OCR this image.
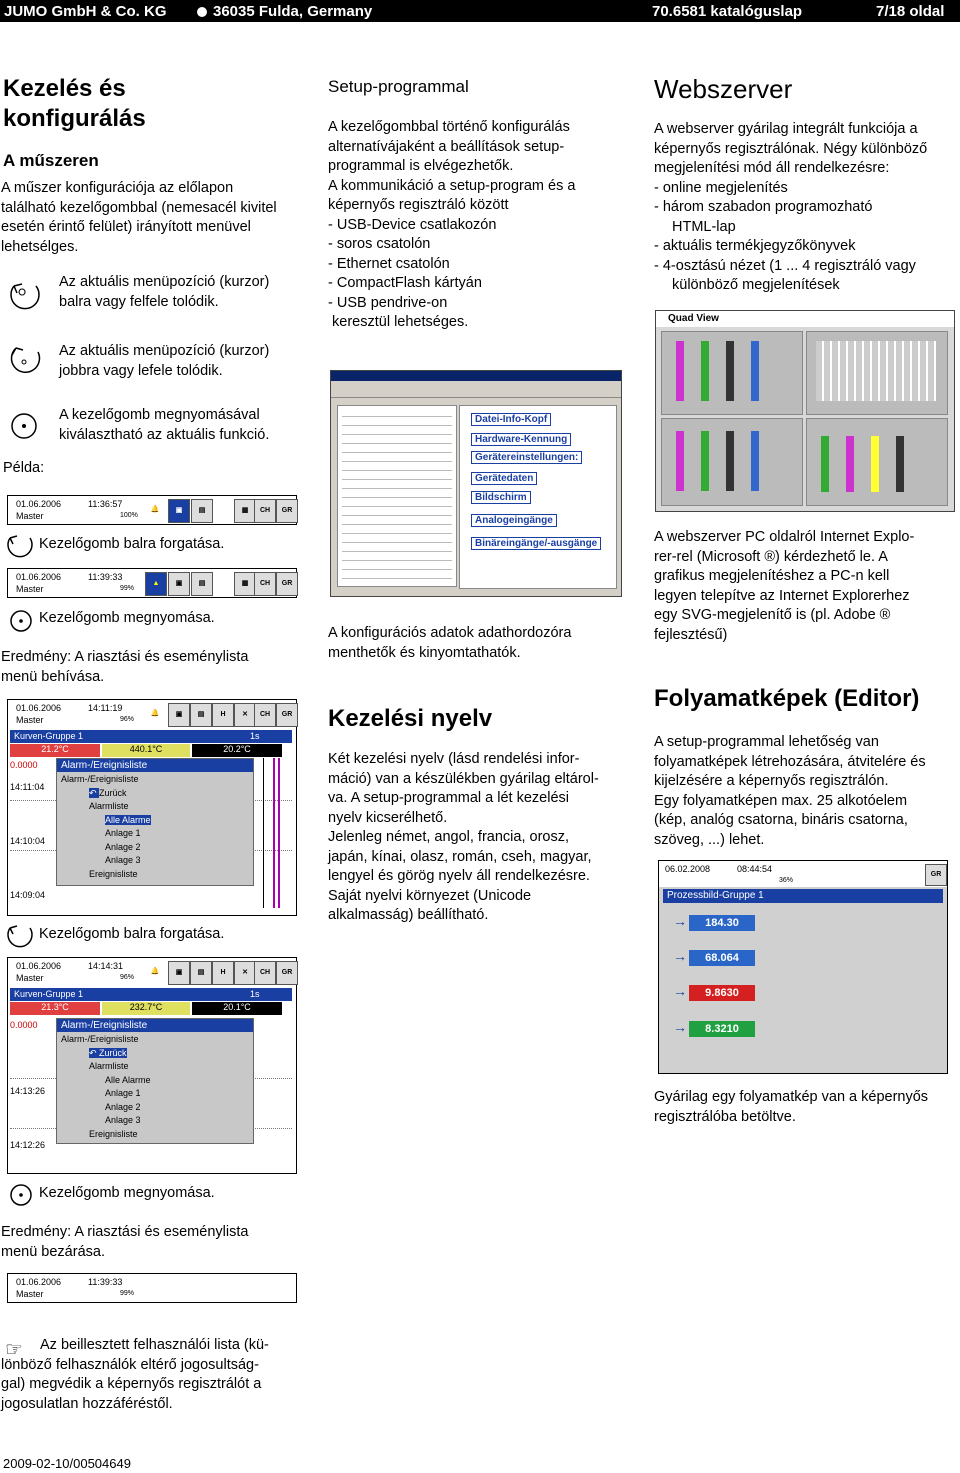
JUMO GmbH & Co. KG	36035 Fulda, Germany	70.6581 katalóguslap	7/18 oldal
Kezelés és
konfigurálás
A műszeren
A műszer konfigurációja az előlapon
található kezelőgombbal (nemesacél kivitel
esetén érintő felület) irányított menüvel
lehetsélges.
Az aktuális menüpozíció (kurzor)
balra vagy felfele tolódik.
Az aktuális menüpozíció (kurzor)
jobbra vagy lefele tolódik.
A kezelőgomb megnyomásával
kiválasztható az aktuális funkció.
Példa:
01.06.2006
Master
11:36:57
100%
🔔	▣	▤	▦	CH	GR
Kezelőgomb balra forgatása.
01.06.2006
Master
11:39:33
99%
▲	▣	▤	▦	CH	GR
Kezelőgomb megnyomása.
Eredmény: A riasztási és eseménylista
menü behívása.
01.06.2006
Master
14:11:19
96%
🔔	▣	▤	H	✕	CH	GR
Kurven-Gruppe 1	1s
21.2°C	440.1°C	20.2°C
0.0000
14:11:04
14:10:04
14:09:04
Alarm-/Ereignisliste
Alarm-/Ereignisliste
↶ Zurück
Alarmliste
Alle Alarme
Anlage 1
Anlage 2
Anlage 3
Ereignisliste
Kezelőgomb balra forgatása.
01.06.2006
Master
14:14:31
96%
🔔	▣	▤	H	✕	CH	GR
Kurven-Gruppe 1	1s
21.3°C	232.7°C	20.1°C
0.0000
14:13:26
14:12:26
Alarm-/Ereignisliste
Alarm-/Ereignisliste
↶ Zurück
Alarmliste
Alle Alarme
Anlage 1
Anlage 2
Anlage 3
Ereignisliste
Kezelőgomb megnyomása.
Eredmény: A riasztási és eseménylista
menü bezárása.
01.06.2006
Master
11:39:33
99%
☞	Az beillesztett felhasználói lista (kü-
lönböző felhasználók eltérő jogosultság-
gal) megvédik a képernyős regisztrálót a
jogosulatlan hozzáféréstől.
2009-02-10/00504649
Setup-programmal
A kezelőgombbal történő konfigurálás
alternatívájaként a beállítások setup-
programmal is elvégezhetők.
A kommunikáció a setup-program és a
képernyős regisztráló között
- USB-Device csatlakozón
- soros csatolón
- Ethernet csatolón
- CompactFlash kártyán
- USB pendrive-on
keresztül lehetséges.
Datei-Info-Kopf
Hardware-Kennung
Gerätereinstellungen:
Gerätedaten
Bildschirm
Analogeingänge
Binäreingänge/-ausgänge
A konfigurációs adatok adathordozóra
menthetők és kinyomtathatók.
Kezelési nyelv
Két kezelési nyelv (lásd rendelési infor-
máció) van a készülékben gyárilag eltárol-
va. A setup-programmal a lét kezelési
nyelv kicserélhető.
Jelenleg német, angol, francia, orosz,
japán, kínai, olasz, román, cseh, magyar,
lengyel és görög nyelv áll rendelkezésre.
Saját nyelvi környezet (Unicode
alkalmasság) beállítható.
Webszerver
A webserver gyárilag integrált funkciója a
képernyős regisztrálónak. Négy különböző
megjelenítési mód áll rendelkezésre:
- online megjelenítés
- három szabadon programozható
HTML-lap
- aktuális termékjegyzőkönyvek
- 4-osztású nézet (1 ... 4 regisztráló vagy
különböző megjelenítések
Quad View
A webszerver PC oldalról Internet Explo-
rer-rel (Microsoft ®) kérdezhető le. A
grafikus megjelenítéshez a PC-n kell
legyen telepítve az Internet Explorerhez
egy SVG-megjelenítő is (pl. Adobe ®
fejlesztésű)
Folyamatképek (Editor)
A setup-programmal lehetőség van
folyamatképek létrehozására, átvitelére és
kijelzésére a képernyős regisztrálón.
Egy folyamatképen max. 25 alkotóelem
(kép, analóg csatorna, bináris csatorna,
szöveg, ...) lehet.
06.02.2008	08:44:54
36%
GR
Prozessbild-Gruppe 1
184.30
→
68.064
→
9.8630
→
8.3210
→
Gyárilag egy folyamatkép van a képernyős
regisztrálóba betöltve.
